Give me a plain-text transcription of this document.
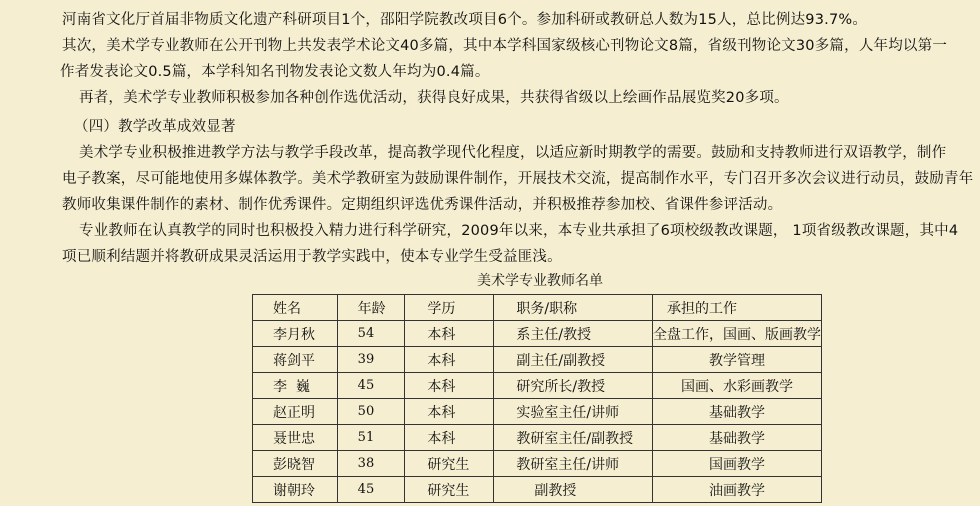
河南省文化厅首届非物质文化遗产科研项目1个，邵阳学院教改项目6个。参加科研或教研总人数为15人，总比例达93.7%。
其次，美术学专业教师在公开刊物上共发表学术论文40多篇，其中本学科国家级核心刊物论文8篇，省级刊物论文30多篇，人年均以第一
作者发表论文0.5篇，本学科知名刊物发表论文数人年均为0.4篇。
再者，美术学专业教师积极参加各种创作选优活动，获得良好成果，共获得省级以上绘画作品展览奖20多项。
（四）教学改革成效显著
美术学专业积极推进教学方法与教学手段改革，提高教学现代化程度，以适应新时期教学的需要。鼓励和支持教师进行双语教学，制作
电子教案，尽可能地使用多媒体教学。美术学教研室为鼓励课件制作，开展技术交流，提高制作水平，专门召开多次会议进行动员，鼓励青年
教师收集课件制作的素材、制作优秀课件。定期组织评选优秀课件活动，并积极推荐参加校、省课件参评活动。
专业教师在认真教学的同时也积极投入精力进行科学研究，2009年以来，本专业共承担了6项校级教改课题， 1项省级教改课题，其中4
项已顺利结题并将教研成果灵活运用于教学实践中，使本专业学生受益匪浅。
美术学专业教师名单
姓名	年龄	学历	职务/职称	承担的工作
李月秋	54	本科	系主任/教授	全盘工作，国画、版画教学
蒋剑平	39	本科	副主任/副教授	教学管理
李  巍	45	本科	研究所长/教授	国画、水彩画教学
赵正明	50	本科	实验室主任/讲师	基础教学
聂世忠	51	本科	教研室主任/副教授	基础教学
彭晓智	38	研究生	教研室主任/讲师	国画教学
谢朝玲	45	研究生	副教授	油画教学
